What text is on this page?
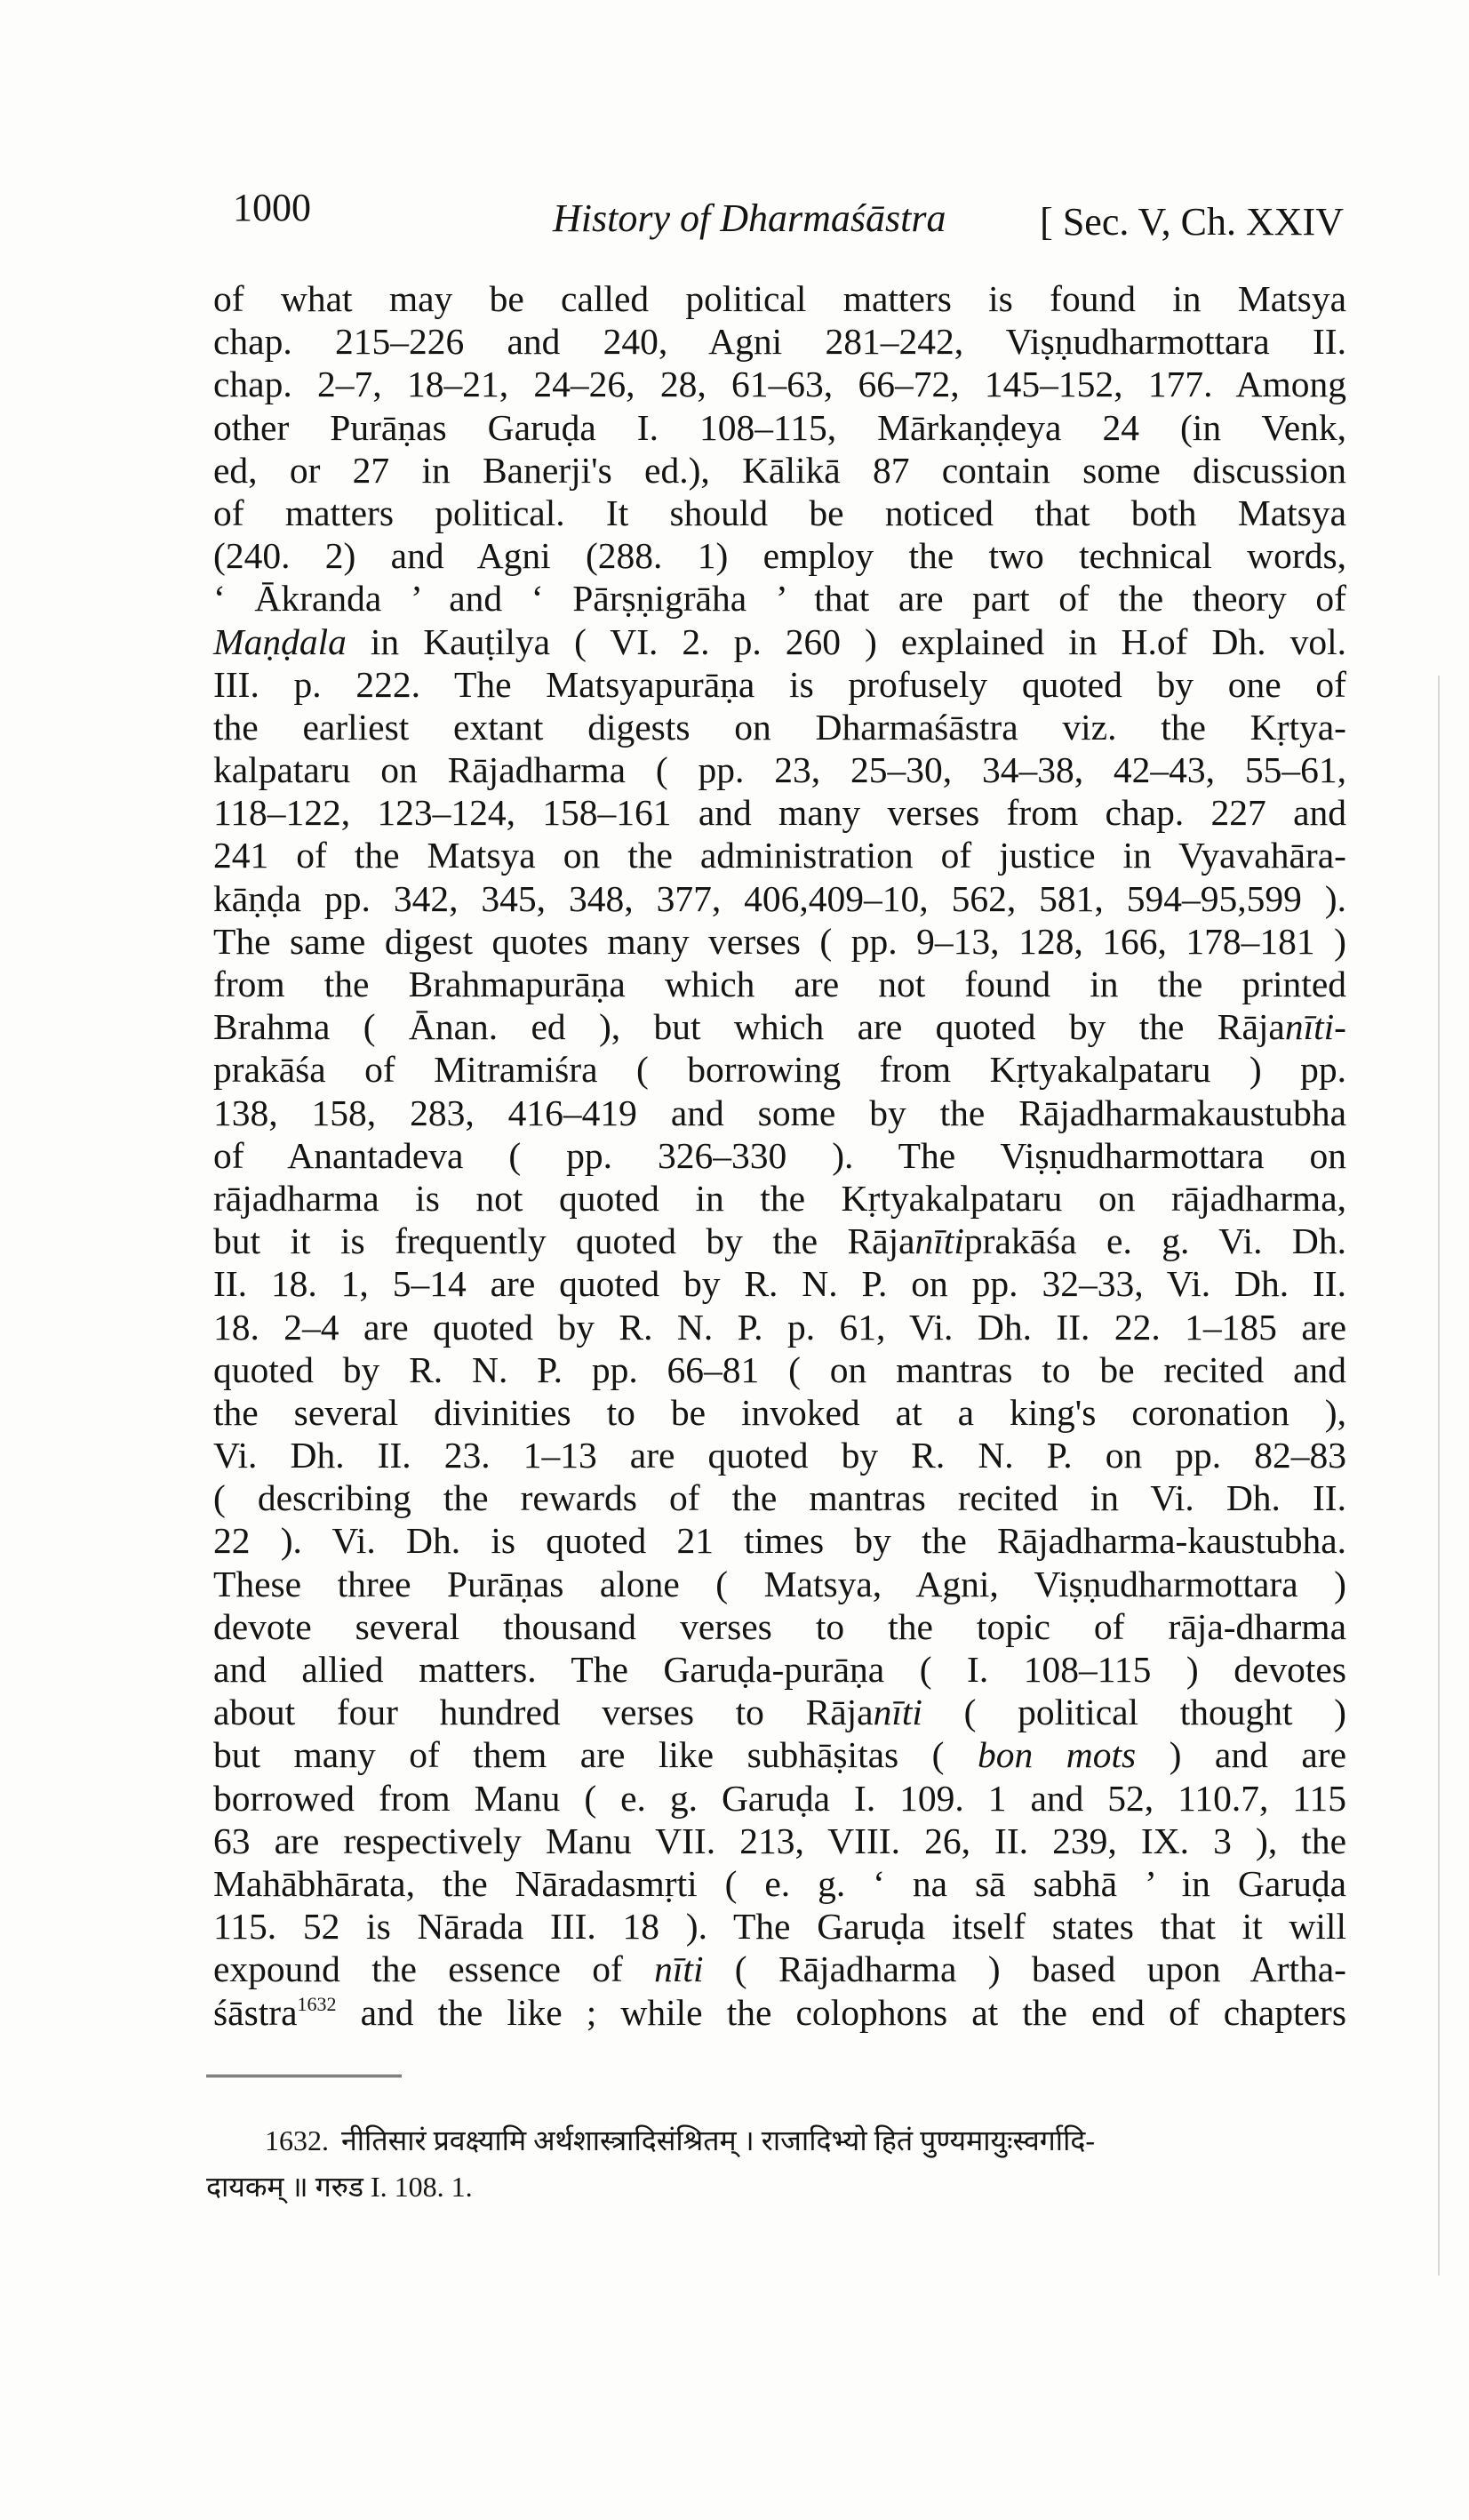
1000	History of Dharmaśāstra [ Sec. V, Ch. XXIV
of what may be called political matters is found in Matsya
chap. 215–226 and 240, Agni 281–242, Viṣṇudharmottara II.
chap. 2–7, 18–21, 24–26, 28, 61–63, 66–72, 145–152, 177. Among
other Purāṇas Garuḍa I. 108–115, Mārkaṇḍeya 24 (in Venk,
ed, or 27 in Banerji's ed.), Kālikā 87 contain some discussion
of matters political. It should be noticed that both Matsya
(240. 2) and Agni (288. 1) employ the two technical words,
‘ Ākranda ’ and ‘ Pārṣṇigrāha ’ that are part of the theory of
Maṇḍala in Kauṭilya ( VI. 2. p. 260 ) explained in H.of Dh. vol.
III. p. 222. The Matsyapurāṇa is profusely quoted by one of
the earliest extant digests on Dharmaśāstra viz. the Kṛtya-
kalpataru on Rājadharma ( pp. 23, 25–30, 34–38, 42–43, 55–61,
118–122, 123–124, 158–161 and many verses from chap. 227 and
241 of the Matsya on the administration of justice in Vyavahāra-
kāṇḍa pp. 342, 345, 348, 377, 406,409–10, 562, 581, 594–95,599 ).
The same digest quotes many verses ( pp. 9–13, 128, 166, 178–181 )
from the Brahmapurāṇa which are not found in the printed
Brahma ( Ānan. ed ), but which are quoted by the Rājanīti-
prakāśa of Mitramiśra ( borrowing from Kṛtyakalpataru ) pp.
138, 158, 283, 416–419 and some by the Rājadharmakaustubha
of Anantadeva ( pp. 326–330 ). The Viṣṇudharmottara on
rājadharma is not quoted in the Kṛtyakalpataru on rājadharma,
but it is frequently quoted by the Rājanītiprakāśa e. g. Vi. Dh.
II. 18. 1, 5–14 are quoted by R. N. P. on pp. 32–33, Vi. Dh. II.
18. 2–4 are quoted by R. N. P. p. 61, Vi. Dh. II. 22. 1–185 are
quoted by R. N. P. pp. 66–81 ( on mantras to be recited and
the several divinities to be invoked at a king's coronation ),
Vi. Dh. II. 23. 1–13 are quoted by R. N. P. on pp. 82–83
( describing the rewards of the mantras recited in Vi. Dh. II.
22 ). Vi. Dh. is quoted 21 times by the Rājadharma-kaustubha.
These three Purāṇas alone ( Matsya, Agni, Viṣṇudharmottara )
devote several thousand verses to the topic of rāja-dharma
and allied matters. The Garuḍa-purāṇa ( I. 108–115 ) devotes
about four hundred verses to Rājanīti ( political thought )
but many of them are like subhāṣitas ( bon mots ) and are
borrowed from Manu ( e. g. Garuḍa I. 109. 1 and 52, 110.7, 115
63 are respectively Manu VII. 213, VIII. 26, II. 239, IX. 3 ), the
Mahābhārata, the Nāradasmṛti ( e. g. ‘ na sā sabhā ’ in Garuḍa
115. 52 is Nārada III. 18 ). The Garuḍa itself states that it will
expound the essence of nīti ( Rājadharma ) based upon Artha-
śāstra$^{1632}$ and the like ; while the colophons at the end of chapters
1632. नीतिसारं प्रवक्ष्यामि अर्थशास्त्रादिसंश्रितम् । राजादिभ्यो हितं पुण्यमायुःस्वर्गादि-
दायकम् ॥ गरुड I. 108. 1.
